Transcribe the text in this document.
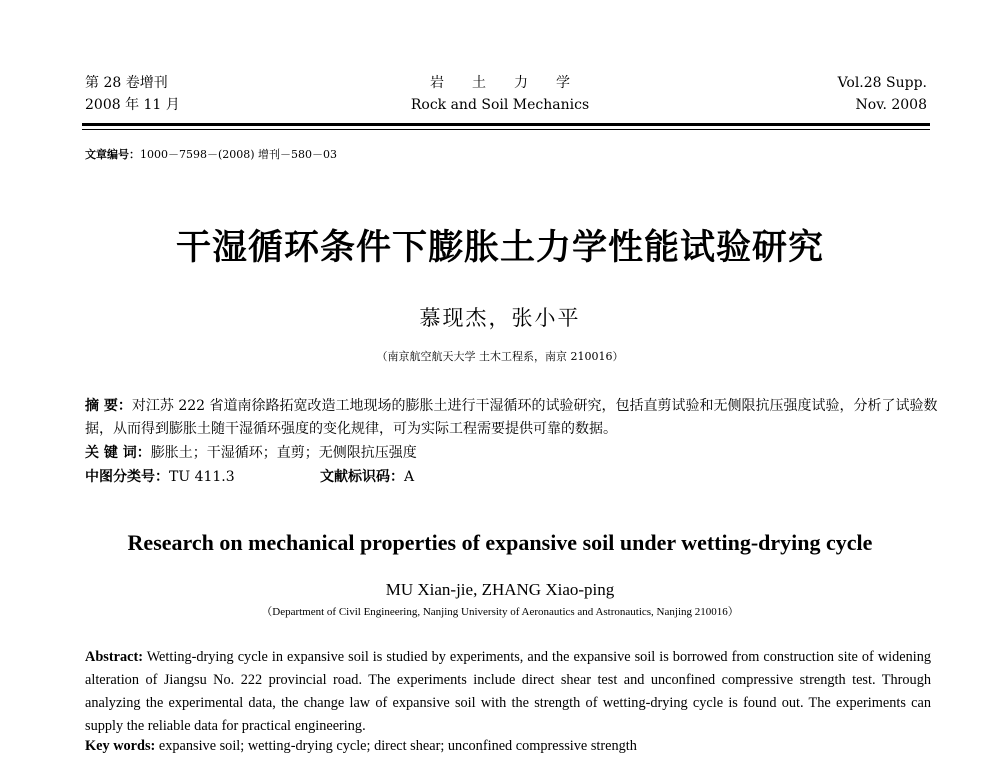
第 28 卷增刊
2008 年 11 月
岩土力学
Rock and Soil Mechanics
Vol.28 Supp.
Nov. 2008
文章编号：1000－7598－(2008) 增刊－580－03
干湿循环条件下膨胀土力学性能试验研究
慕现杰，张小平
（南京航空航天大学 土木工程系，南京 210016）
摘 要：对江苏 222 省道南徐路拓宽改造工地现场的膨胀土进行干湿循环的试验研究，包括直剪试验和无侧限抗压强度试验，分析了试验数据，从而得到膨胀土随干湿循环强度的变化规律，可为实际工程需要提供可靠的数据。
关 键 词：膨胀土；干湿循环；直剪；无侧限抗压强度
中图分类号：TU 411.3	文献标识码：A
Research on mechanical properties of expansive soil under wetting-drying cycle
MU Xian-jie, ZHANG Xiao-ping
（Department of Civil Engineering, Nanjing University of Aeronautics and Astronautics, Nanjing 210016）
Abstract: Wetting-drying cycle in expansive soil is studied by experiments, and the expansive soil is borrowed from construction site of widening alteration of Jiangsu No. 222 provincial road. The experiments include direct shear test and unconfined compressive strength test. Through analyzing the experimental data, the change law of expansive soil with the strength of wetting-drying cycle is found out. The experiments can supply the reliable data for practical engineering.
Key words: expansive soil; wetting-drying cycle; direct shear; unconfined compressive strength
